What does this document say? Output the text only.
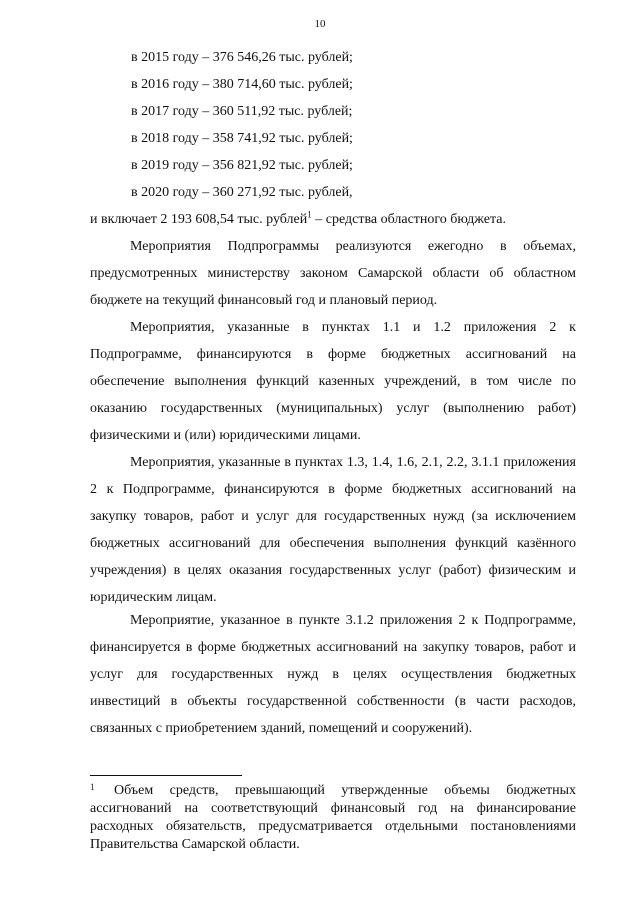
10
в 2015 году – 376 546,26 тыс. рублей;
в 2016 году – 380 714,60 тыс. рублей;
в 2017 году – 360 511,92 тыс. рублей;
в 2018 году – 358 741,92 тыс. рублей;
в 2019 году – 356 821,92 тыс. рублей;
в 2020 году – 360 271,92 тыс. рублей,

и включает 2 193 608,54 тыс. рублей$^1$ – средства областного бюджета.

Мероприятия Подпрограммы реализуются ежегодно в объемах, предусмотренных министерству законом Самарской области об областном бюджете на текущий финансовый год и плановый период.

Мероприятия, указанные в пунктах 1.1 и 1.2 приложения 2 к Подпрограмме, финансируются в форме бюджетных ассигнований на обеспечение выполнения функций казенных учреждений, в том числе по оказанию государственных (муниципальных) услуг (выполнению работ) физическими и (или) юридическими лицами.

Мероприятия, указанные в пунктах 1.3, 1.4, 1.6, 2.1, 2.2, 3.1.1 приложения 2 к Подпрограмме, финансируются в форме бюджетных ассигнований на закупку товаров, работ и услуг для государственных нужд (за исключением бюджетных ассигнований для обеспечения выполнения функций казённого учреждения) в целях оказания государственных услуг (работ) физическим и юридическим лицам.

Мероприятие, указанное в пункте 3.1.2 приложения 2 к Подпрограмме, финансируется в форме бюджетных ассигнований на закупку товаров, работ и услуг для государственных нужд в целях осуществления бюджетных инвестиций в объекты государственной собственности (в части расходов, связанных с приобретением зданий, помещений и сооружений).

1 Объем средств, превышающий утвержденные объемы бюджетных ассигнований на соответствующий финансовый год на финансирование расходных обязательств, предусматривается отдельными постановлениями Правительства Самарской области.
